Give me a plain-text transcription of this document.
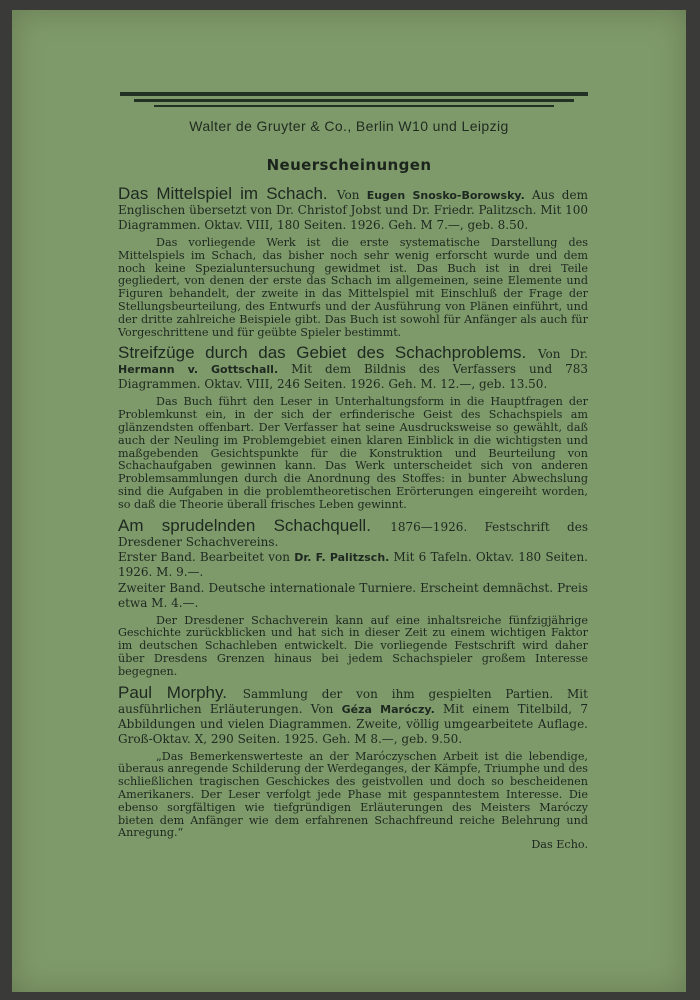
Walter de Gruyter & Co., Berlin W10 und Leipzig
Neuerscheinungen
Das Mittelspiel im Schach. Von Eugen Snosko-Borowsky. Aus dem Englischen übersetzt von Dr. Christof Jobst und Dr. Friedr. Palitzsch. Mit 100 Diagrammen. Oktav. VIII, 180 Seiten. 1926. Geh. M 7.—, geb. 8.50.
Das vorliegende Werk ist die erste systematische Darstellung des Mittelspiels im Schach, das bisher noch sehr wenig erforscht wurde und dem noch keine Spezialuntersuchung gewidmet ist. Das Buch ist in drei Teile gegliedert, von denen der erste das Schach im allgemeinen, seine Elemente und Figuren behandelt, der zweite in das Mittelspiel mit Einschluß der Frage der Stellungsbeurteilung, des Entwurfs und der Ausführung von Plänen einführt, und der dritte zahlreiche Beispiele gibt. Das Buch ist sowohl für Anfänger als auch für Vorgeschrittene und für geübte Spieler bestimmt.
Streifzüge durch das Gebiet des Schachproblems. Von Dr. Hermann v. Gottschall. Mit dem Bildnis des Verfassers und 783 Diagrammen. Oktav. VIII, 246 Seiten. 1926. Geh. M. 12.—, geb. 13.50.
Das Buch führt den Leser in Unterhaltungsform in die Hauptfragen der Problemkunst ein, in der sich der erfinderische Geist des Schachspiels am glänzendsten offenbart. Der Verfasser hat seine Ausdrucksweise so gewählt, daß auch der Neuling im Problemgebiet einen klaren Einblick in die wichtigsten und maßgebenden Gesichtspunkte für die Konstruktion und Beurteilung von Schachaufgaben gewinnen kann. Das Werk unterscheidet sich von anderen Problemsammlungen durch die Anordnung des Stoffes: in bunter Abwechslung sind die Aufgaben in die problemtheoretischen Erörterungen eingereiht worden, so daß die Theorie überall frisches Leben gewinnt.
Am sprudelnden Schachquell. 1876—1926. Festschrift des Dresdener Schachvereins.
Erster Band. Bearbeitet von Dr. F. Palitzsch. Mit 6 Tafeln. Oktav. 180 Seiten. 1926. M. 9.—.
Zweiter Band. Deutsche internationale Turniere. Erscheint demnächst. Preis etwa M. 4.—.
Der Dresdener Schachverein kann auf eine inhaltsreiche fünfzigjährige Geschichte zurückblicken und hat sich in dieser Zeit zu einem wichtigen Faktor im deutschen Schachleben entwickelt. Die vorliegende Festschrift wird daher über Dresdens Grenzen hinaus bei jedem Schachspieler großem Interesse begegnen.
Paul Morphy. Sammlung der von ihm gespielten Partien. Mit ausführlichen Erläuterungen. Von Géza Maróczy. Mit einem Titelbild, 7 Abbildungen und vielen Diagrammen. Zweite, völlig umgearbeitete Auflage. Groß-Oktav. X, 290 Seiten. 1925. Geh. M 8.—, geb. 9.50.
„Das Bemerkenswerteste an der Maróczyschen Arbeit ist die lebendige, überaus anregende Schilderung der Werdeganges, der Kämpfe, Triumphe und des schließlichen tragischen Geschickes des geistvollen und doch so bescheidenen Amerikaners. Der Leser verfolgt jede Phase mit gespanntestem Interesse. Die ebenso sorgfältigen wie tiefgründigen Erläuterungen des Meisters Maróczy bieten dem Anfänger wie dem erfahrenen Schachfreund reiche Belehrung und Anregung.“
Das Echo.
